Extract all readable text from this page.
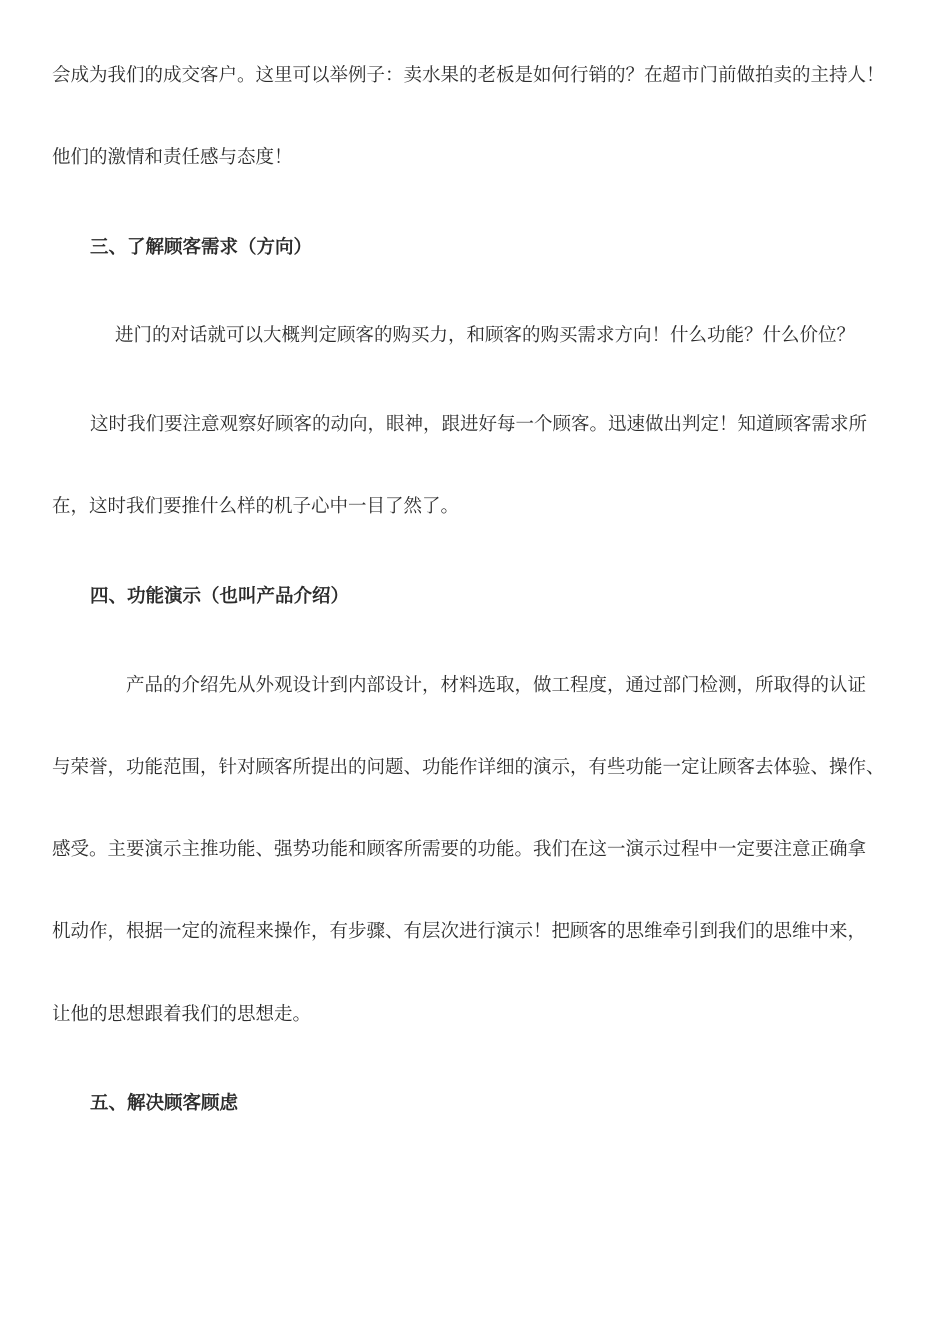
会成为我们的成交客户。这里可以举例子：卖水果的老板是如何行销的？在超市门前做拍卖的主持人！
他们的激情和责任感与态度！
三、了解顾客需求（方向）
进门的对话就可以大概判定顾客的购买力，和顾客的购买需求方向！什么功能？什么价位？
这时我们要注意观察好顾客的动向，眼神，跟进好每一个顾客。迅速做出判定！知道顾客需求所
在，这时我们要推什么样的机子心中一目了然了。
四、功能演示（也叫产品介绍）
产品的介绍先从外观设计到内部设计，材料选取，做工程度，通过部门检测，所取得的认证
与荣誉，功能范围，针对顾客所提出的问题、功能作详细的演示，有些功能一定让顾客去体验、操作、
感受。主要演示主推功能、强势功能和顾客所需要的功能。我们在这一演示过程中一定要注意正确拿
机动作，根据一定的流程来操作，有步骤、有层次进行演示！把顾客的思维牵引到我们的思维中来，
让他的思想跟着我们的思想走。
五、解决顾客顾虑
